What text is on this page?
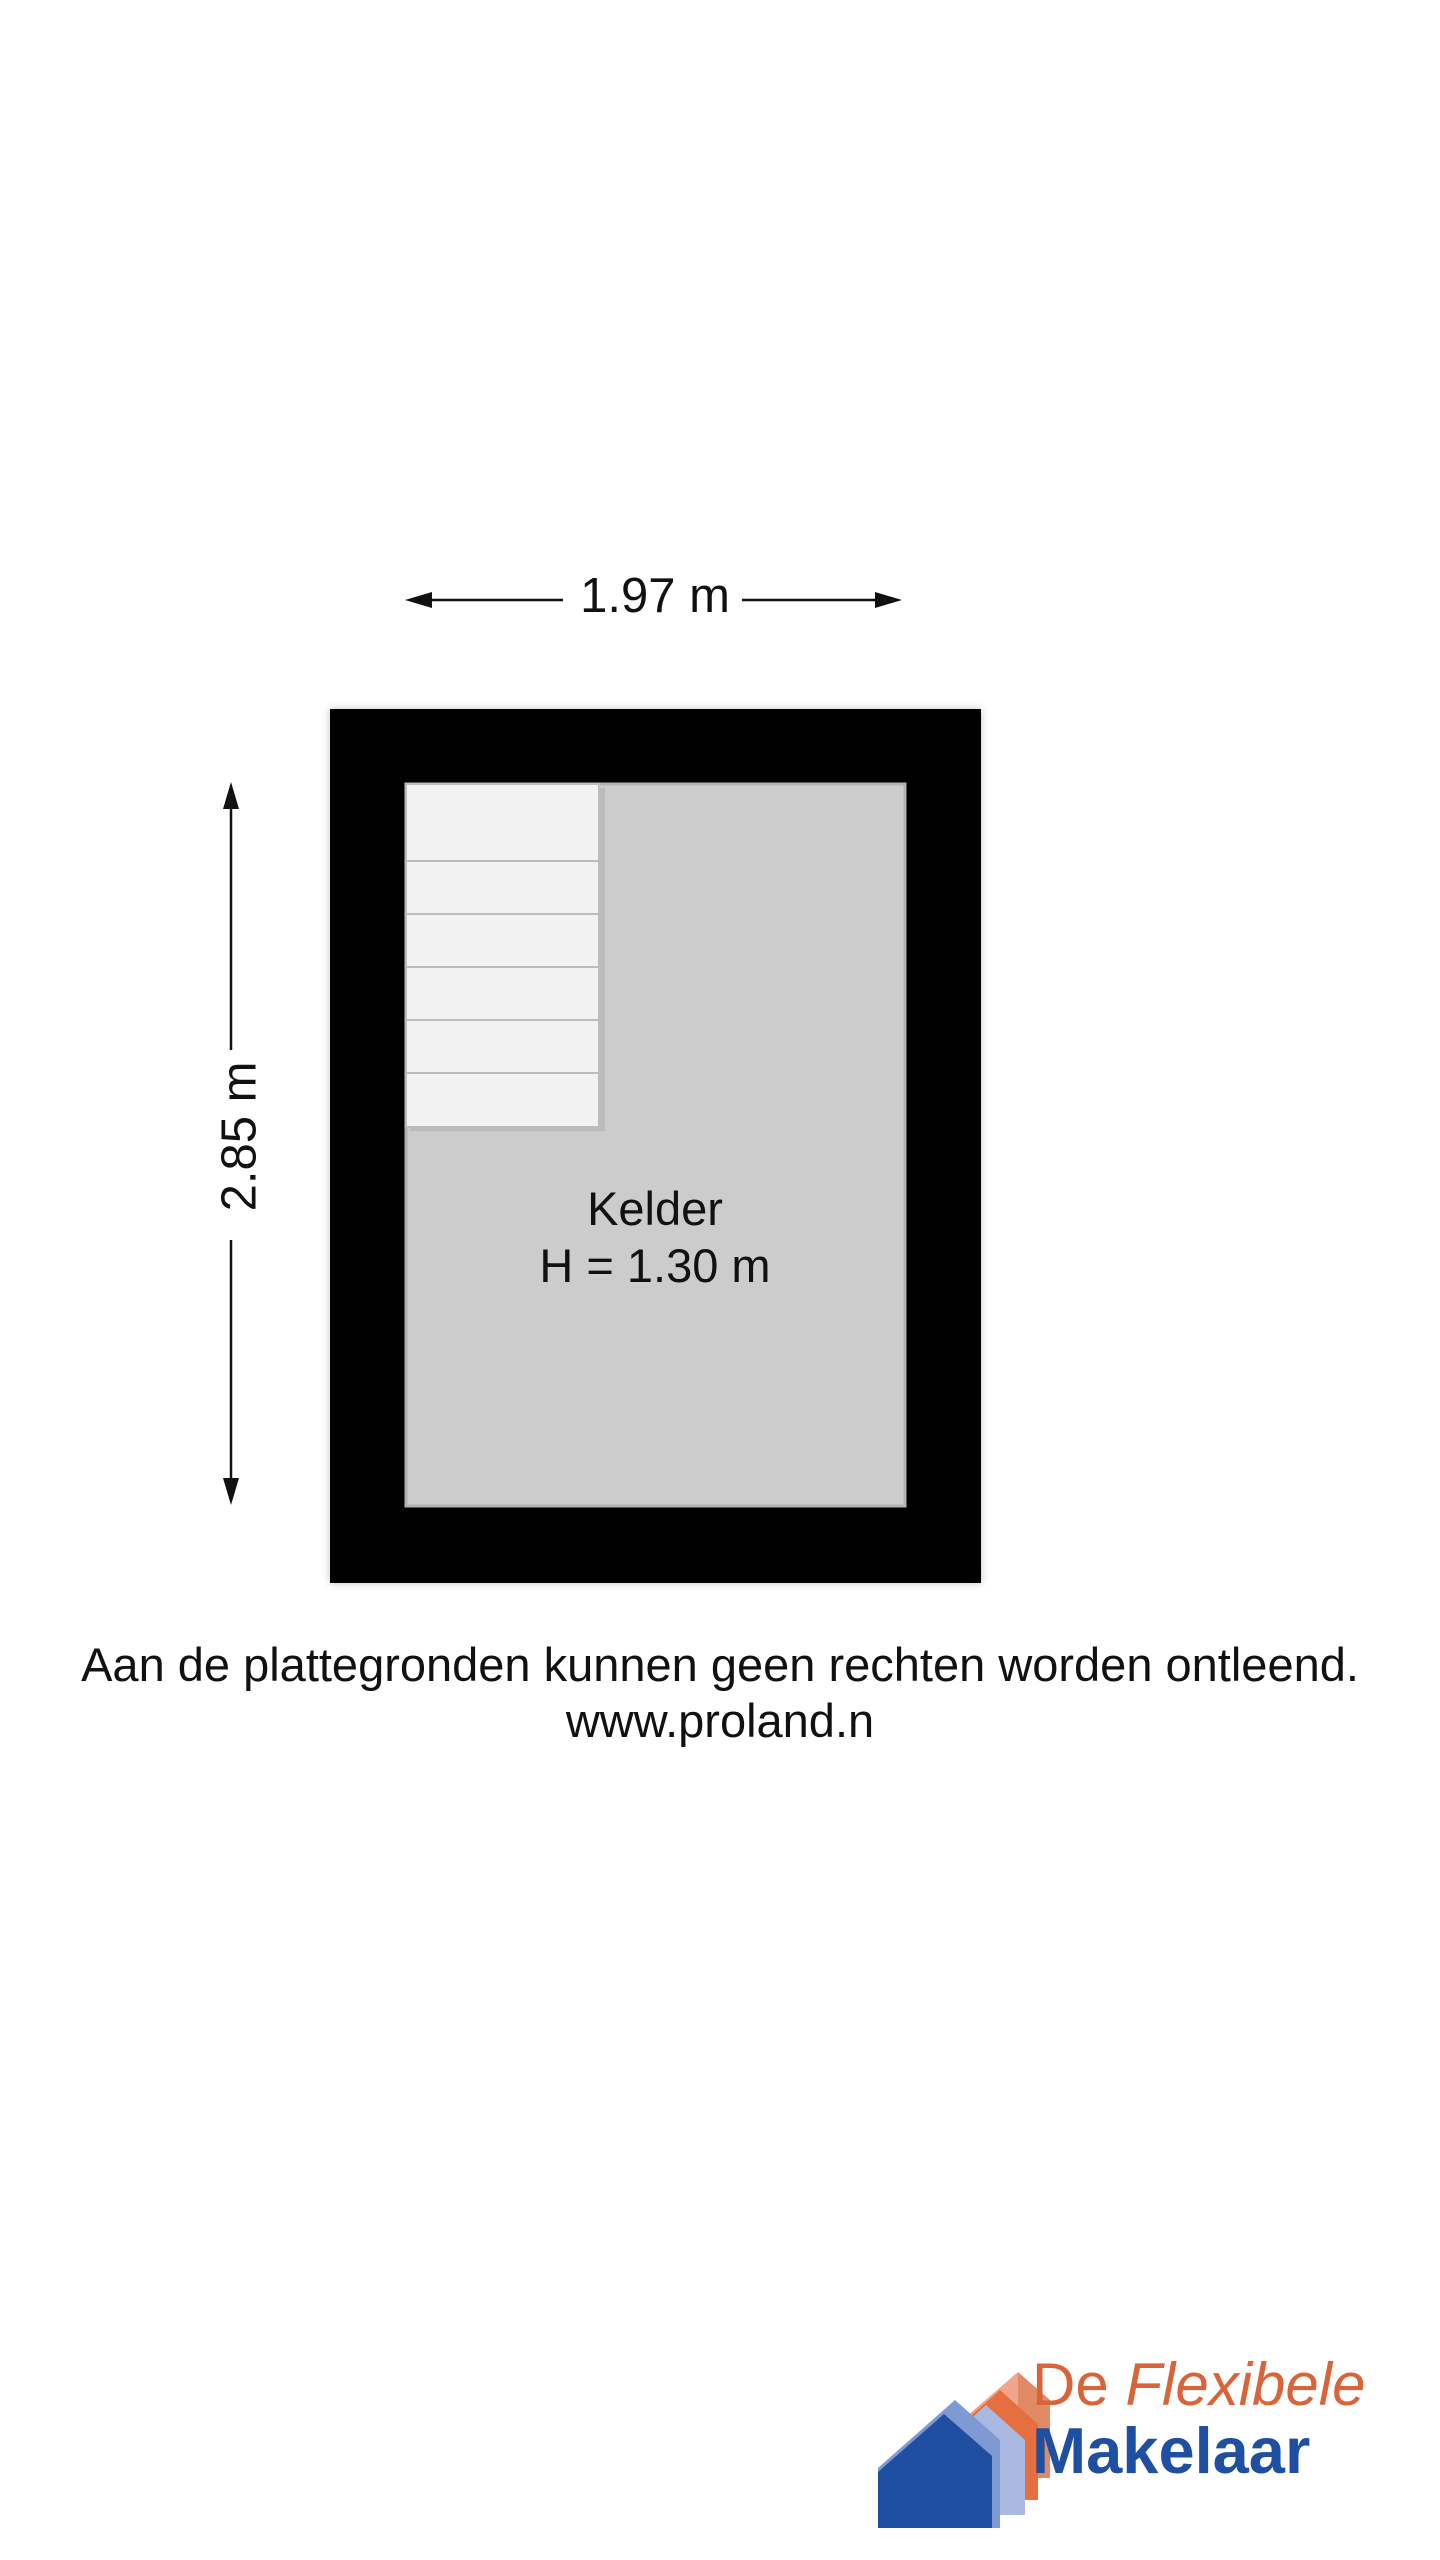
1.97 m
2.85 m	Kelder
H = 1.30 m
Aan de plattegronden kunnen geen rechten worden ontleend.
www.proland.n
De Flexibele
Makelaar
